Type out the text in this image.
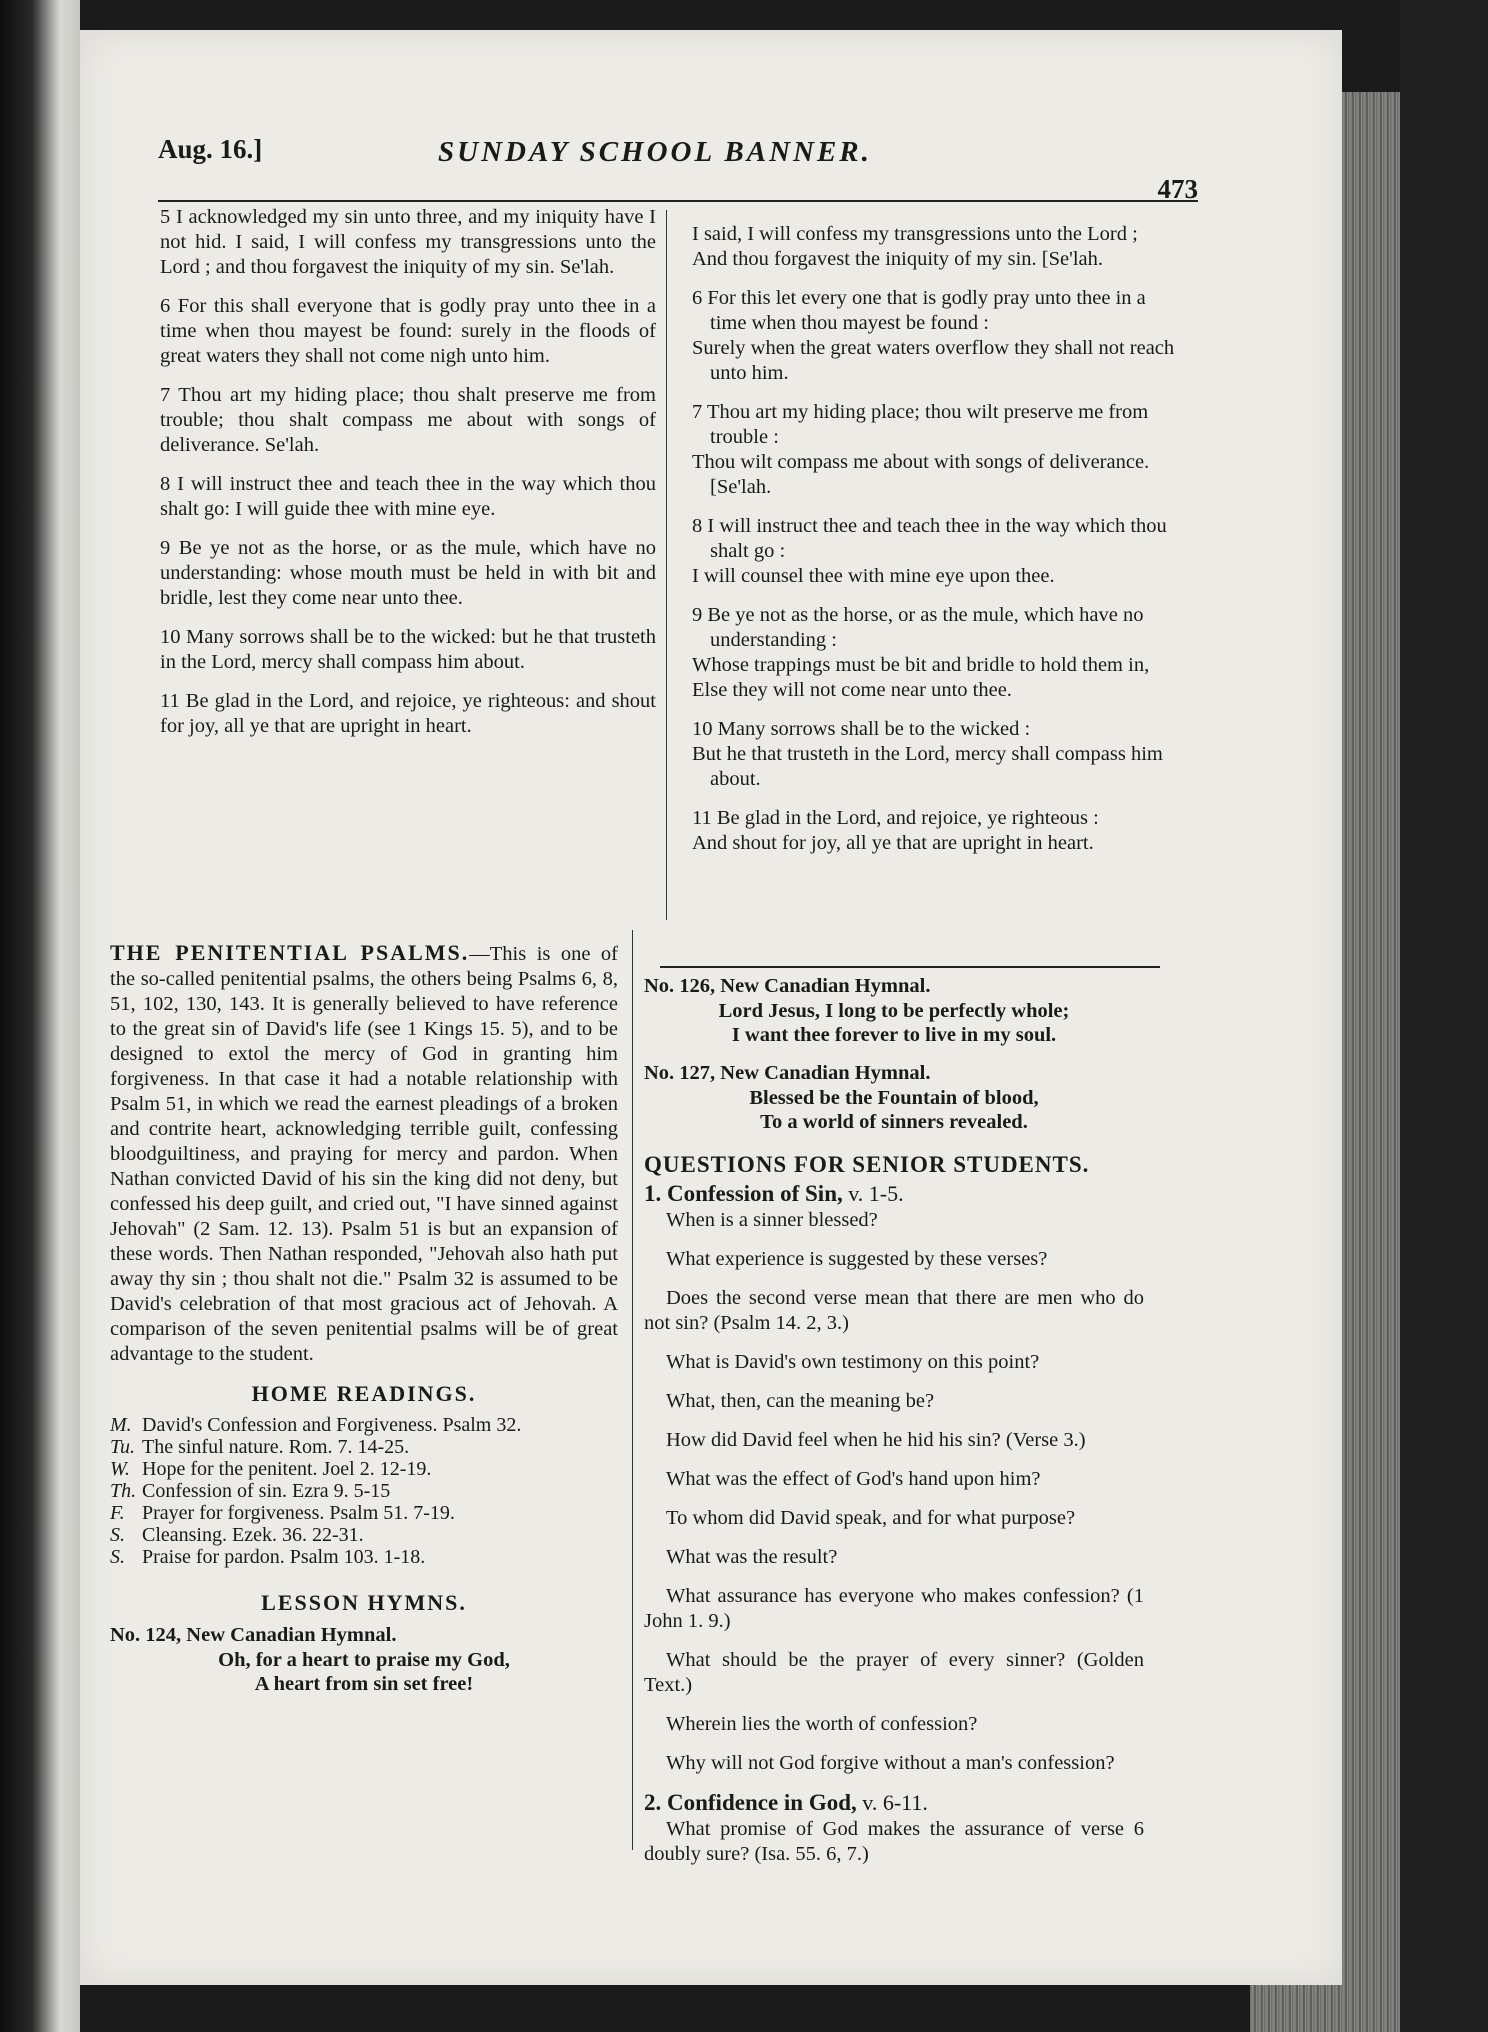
Aug. 16.]	SUNDAY SCHOOL BANNER.
473

5 I acknowledged my sin unto three, and my iniquity have I not hid. I said, I will confess my transgressions unto the Lord ; and thou forgavest the iniquity of my sin. Se'lah.

6 For this shall everyone that is godly pray unto thee in a time when thou mayest be found: surely in the floods of great waters they shall not come nigh unto him.

7 Thou art my hiding place; thou shalt preserve me from trouble; thou shalt compass me about with songs of deliverance. Se'lah.

8 I will instruct thee and teach thee in the way which thou shalt go: I will guide thee with mine eye.

9 Be ye not as the horse, or as the mule, which have no understanding: whose mouth must be held in with bit and bridle, lest they come near unto thee.

10 Many sorrows shall be to the wicked: but he that trusteth in the Lord, mercy shall compass him about.

11 Be glad in the Lord, and rejoice, ye righteous: and shout for joy, all ye that are upright in heart.

I said, I will confess my transgressions unto the Lord ;
And thou forgavest the iniquity of my sin. [Se'lah.
6 For this let every one that is godly pray unto thee in a time when thou mayest be found :
Surely when the great waters overflow they shall not reach unto him.
7 Thou art my hiding place; thou wilt preserve me from trouble :
Thou wilt compass me about with songs of deliverance. [Se'lah.
8 I will instruct thee and teach thee in the way which thou shalt go :
I will counsel thee with mine eye upon thee.
9 Be ye not as the horse, or as the mule, which have no understanding :
Whose trappings must be bit and bridle to hold them in,
Else they will not come near unto thee.
10 Many sorrows shall be to the wicked :
But he that trusteth in the Lord, mercy shall compass him about.
11 Be glad in the Lord, and rejoice, ye righteous :
And shout for joy, all ye that are upright in heart.

THE PENITENTIAL PSALMS.—This is one of the so-called penitential psalms, the others being Psalms 6, 8, 51, 102, 130, 143. It is generally believed to have reference to the great sin of David's life (see 1 Kings 15. 5), and to be designed to extol the mercy of God in granting him forgiveness. In that case it had a notable relationship with Psalm 51, in which we read the earnest pleadings of a broken and contrite heart, acknowledging terrible guilt, confessing bloodguiltiness, and praying for mercy and pardon. When Nathan convicted David of his sin the king did not deny, but confessed his deep guilt, and cried out, "I have sinned against Jehovah" (2 Sam. 12. 13). Psalm 51 is but an expansion of these words. Then Nathan responded, "Jehovah also hath put away thy sin ; thou shalt not die." Psalm 32 is assumed to be David's celebration of that most gracious act of Jehovah. A comparison of the seven penitential psalms will be of great advantage to the student.

HOME READINGS.
M. David's Confession and Forgiveness. Psalm 32.
Tu. The sinful nature. Rom. 7. 14-25.
W. Hope for the penitent. Joel 2. 12-19.
Th. Confession of sin. Ezra 9. 5-15
F. Prayer for forgiveness. Psalm 51. 7-19.
S. Cleansing. Ezek. 36. 22-31.
S. Praise for pardon. Psalm 103. 1-18.
LESSON HYMNS.
No. 124, New Canadian Hymnal.
Oh, for a heart to praise my God,
A heart from sin set free!
No. 126, New Canadian Hymnal.
Lord Jesus, I long to be perfectly whole;
I want thee forever to live in my soul.
No. 127, New Canadian Hymnal.
Blessed be the Fountain of blood,
To a world of sinners revealed.
QUESTIONS FOR SENIOR STUDENTS.
1. Confession of Sin, v. 1-5.

When is a sinner blessed?

What experience is suggested by these verses?

Does the second verse mean that there are men who do not sin? (Psalm 14. 2, 3.)

What is David's own testimony on this point?

What, then, can the meaning be?

How did David feel when he hid his sin? (Verse 3.)

What was the effect of God's hand upon him?

To whom did David speak, and for what purpose?

What was the result?

What assurance has everyone who makes confession? (1 John 1. 9.)

What should be the prayer of every sinner? (Golden Text.)

Wherein lies the worth of confession?

Why will not God forgive without a man's confession?

2. Confidence in God, v. 6-11.

What promise of God makes the assurance of verse 6 doubly sure? (Isa. 55. 6, 7.)
